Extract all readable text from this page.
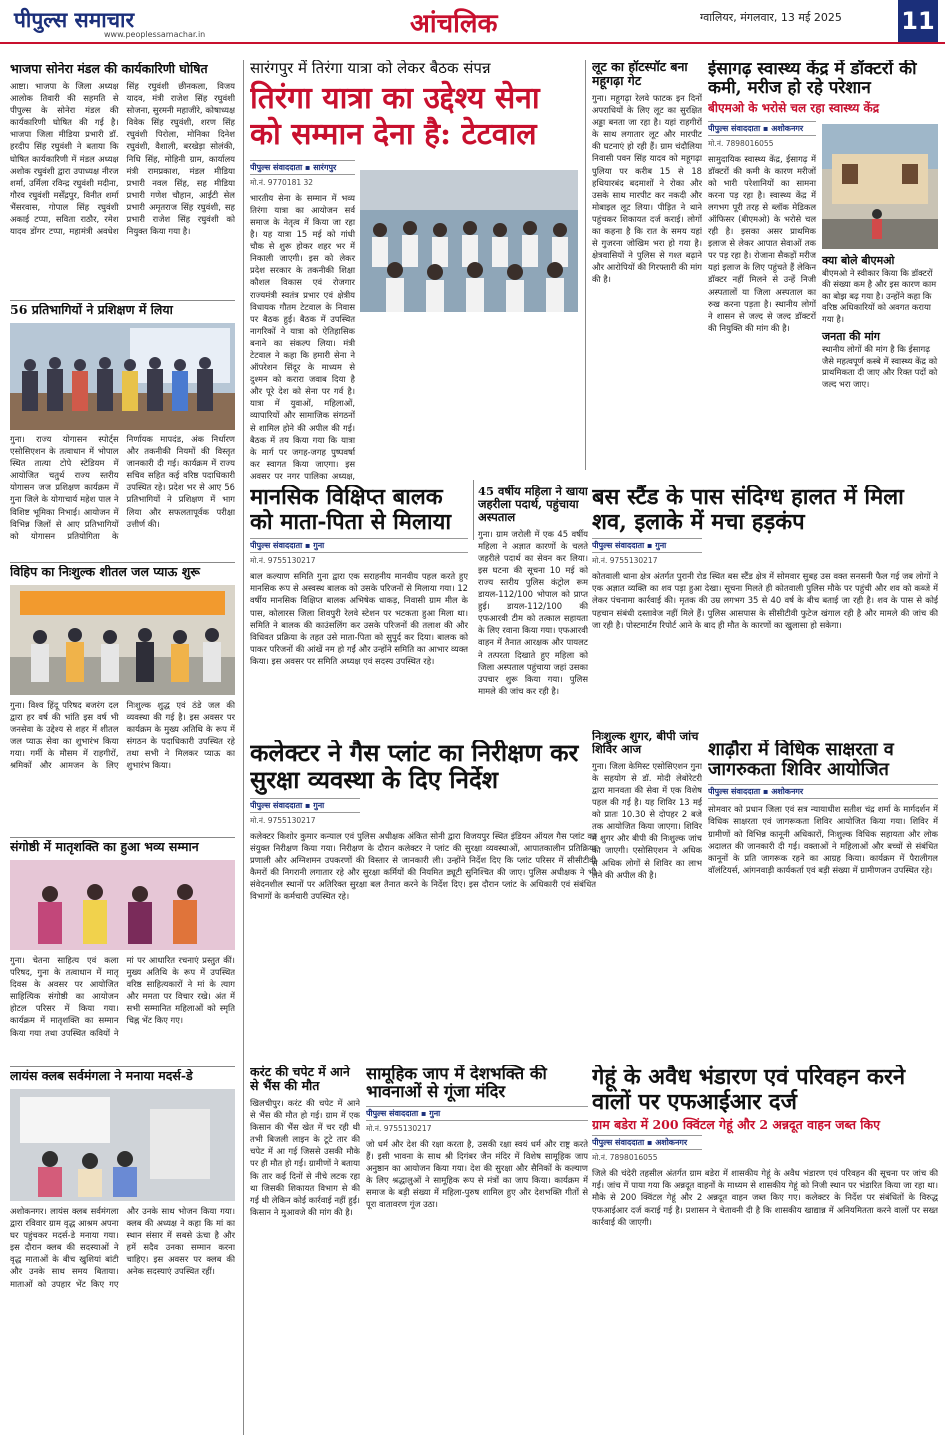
पीपुल्स समाचार
www.peoplessamachar.in	आंचलिक	ग्वालियर, मंगलवार, 13 मई 2025 11
भाजपा सोनेरा मंडल की कार्यकारिणी घोषित
आष्टा। भाजपा के जिला अध्यक्ष आलोक तिवारी की सहमति से पीपुल्स के सोनेरा मंडल की कार्यकारिणी घोषित की गई है। भाजपा जिला मीडिया प्रभारी डॉ. हरदीप सिंह रघुवंशी ने बताया कि घोषित कार्यकारिणी में मंडल अध्यक्ष अशोक रघुवंशी द्वारा उपाध्यक्ष नीरज शर्मा, उर्मिला रविन्द्र रघुवंशी मदीना, गौरव रघुवंशी मर्सेंद्रपुर, विनीत शर्मा भैंसरवास, गोपाल सिंह रघुवंशी अकाई टप्पा, सविता राठौर, रमेश यादव डोंगर टप्पा, महामंत्री अवधेश सिंह रघुवंशी छीनकला, विजय यादव, मंत्री राजेश सिंह रघुवंशी सोजना, सुरमनी महाजीरे, कोषाध्यक्ष विवेक सिंह रघुवंशी, शरण सिंह रघुवंशी पिरोला, मोनिका दिनेश रघुवंशी, वैशाली, बरखेड़ा सोलंकी, निधि सिंह, मोहिनी ग्राम, कार्यालय मंत्री रामप्रकाश, मंडल मीडिया प्रभारी नवल सिंह, सह मीडिया प्रभारी गणेश चौहान, आईटी सेल प्रभारी अमृतराज सिंह रघुवंशी, सह प्रभारी राजेश सिंह रघुवंशी को नियुक्त किया गया है।
56 प्रतिभागियों ने प्रशिक्षण में लिया
गुना। राज्य योगासन स्पोर्ट्स एसोसिएशन के तत्वाधान में भोपाल स्थित तात्या टोपे स्टेडियम में आयोजित चतुर्थ राज्य स्तरीय योगासन जज प्रशिक्षण कार्यक्रम में गुना जिले के योगाचार्य महेश पाल ने विशिष्ट भूमिका निभाई। आयोजन में विभिन्न जिलों से आए प्रतिभागियों को योगासन प्रतियोगिता के निर्णायक मापदंड, अंक निर्धारण और तकनीकी नियमों की विस्तृत जानकारी दी गई। कार्यक्रम में राज्य सचिव सहित कई वरिष्ठ पदाधिकारी उपस्थित रहे। प्रदेश भर से आए 56 प्रतिभागियों ने प्रशिक्षण में भाग लिया और सफलतापूर्वक परीक्षा उत्तीर्ण की।
विहिप का निःशुल्क शीतल जल प्याऊ शुरू
गुना। विश्व हिंदू परिषद बजरंग दल द्वारा हर वर्ष की भांति इस वर्ष भी जनसेवा के उद्देश्य से शहर में शीतल जल प्याऊ सेवा का शुभारंभ किया गया। गर्मी के मौसम में राहगीरों, श्रमिकों और आमजन के लिए निःशुल्क शुद्ध एवं ठंडे जल की व्यवस्था की गई है। इस अवसर पर कार्यक्रम के मुख्य अतिथि के रूप में संगठन के पदाधिकारी उपस्थित रहे तथा सभी ने मिलकर प्याऊ का शुभारंभ किया।
संगोष्ठी में मातृशक्ति का हुआ भव्य सम्मान
गुना। चेतना साहित्य एवं कला परिषद, गुना के तत्वाधान में मातृ दिवस के अवसर पर आयोजित साहित्यिक संगोष्ठी का आयोजन होटल परिसर में किया गया। कार्यक्रम में मातृशक्ति का सम्मान किया गया तथा उपस्थित कवियों ने मां पर आधारित रचनाएं प्रस्तुत कीं। मुख्य अतिथि के रूप में उपस्थित वरिष्ठ साहित्यकारों ने मां के त्याग और ममता पर विचार रखे। अंत में सभी सम्मानित महिलाओं को स्मृति चिह्न भेंट किए गए।
लायंस क्लब सर्वमंगला ने मनाया मदर्स-डे
अशोकनगर। लायंस क्लब सर्वमंगला द्वारा रविवार ग्राम वृद्ध आश्रम अपना घर पहुंचकर मदर्स-डे मनाया गया। इस दौरान क्लब की सदस्याओं ने वृद्ध माताओं के बीच खुशियां बांटी और उनके साथ समय बिताया। माताओं को उपहार भेंट किए गए और उनके साथ भोजन किया गया। क्लब की अध्यक्ष ने कहा कि मां का स्थान संसार में सबसे ऊंचा है और हमें सदैव उनका सम्मान करना चाहिए। इस अवसर पर क्लब की अनेक सदस्याएं उपस्थित रहीं।
सारंगपुर में तिरंगा यात्रा को लेकर बैठक संपन्न
तिरंगा यात्रा का उद्देश्य सेना को सम्मान देना है: टेटवाल
पीपुल्स संवाददाता ▪ सारंगपुर
मो.नं. 9770181 32
भारतीय सेना के सम्मान में भव्य तिरंगा यात्रा का आयोजन सर्व समाज के नेतृत्व में किया जा रहा है। यह यात्रा 15 मई को गांधी चौक से शुरू होकर शहर भर में निकाली जाएगी। इस को लेकर प्रदेश सरकार के तकनीकी शिक्षा कौशल विकास एवं रोजगार राज्यमंत्री स्वतंत्र प्रभार एवं क्षेत्रीय विधायक गौतम टेटवाल के निवास पर बैठक हुई। बैठक में उपस्थित नागरिकों ने यात्रा को ऐतिहासिक बनाने का संकल्प लिया। मंत्री टेटवाल ने कहा कि हमारी सेना ने ऑपरेशन सिंदूर के माध्यम से दुश्मन को करारा जवाब दिया है और पूरे देश को सेना पर गर्व है। यात्रा में युवाओं, महिलाओं, व्यापारियों और सामाजिक संगठनों से शामिल होने की अपील की गई। बैठक में तय किया गया कि यात्रा के मार्ग पर जगह-जगह पुष्पवर्षा कर स्वागत किया जाएगा। इस अवसर पर नगर पालिका अध्यक्ष,
लूट का हॉटस्पॉट बना महूगढ़ा गेट
गुना। महूगढ़ा रेलवे फाटक इन दिनों अपराधियों के लिए लूट का सुरक्षित अड्डा बनता जा रहा है। यहां राहगीरों के साथ लगातार लूट और मारपीट की घटनाएं हो रही हैं। ग्राम चंदौलिया निवासी पवन सिंह यादव को महूगढ़ा पुलिया पर करीब 15 से 18 हथियारबंद बदमाशों ने रोका और उसके साथ मारपीट कर नकदी और मोबाइल लूट लिया। पीड़ित ने थाने पहुंचकर शिकायत दर्ज कराई। लोगों का कहना है कि रात के समय यहां से गुजरना जोखिम भरा हो गया है। क्षेत्रवासियों ने पुलिस से गश्त बढ़ाने और आरोपियों की गिरफ्तारी की मांग की है।
ईसागढ़ स्वास्थ्य केंद्र में डॉक्टरों की कमी, मरीज हो रहे परेशान
बीएमओ के भरोसे चल रहा स्वास्थ्य केंद्र
पीपुल्स संवाददाता ▪ अशोकनगर
मो.नं. 7898016055
सामुदायिक स्वास्थ्य केंद्र, ईसागढ़ में डॉक्टरों की कमी के कारण मरीजों को भारी परेशानियों का सामना करना पड़ रहा है। स्वास्थ्य केंद्र में लगभग पूरी तरह से ब्लॉक मेडिकल ऑफिसर (बीएमओ) के भरोसे चल रही है। इसका असर प्राथमिक इलाज से लेकर आपात सेवाओं तक पर पड़ रहा है। रोजाना सैकड़ों मरीज यहां इलाज के लिए पहुंचते हैं लेकिन डॉक्टर नहीं मिलने से उन्हें निजी अस्पतालों या जिला अस्पताल का रुख करना पड़ता है। स्थानीय लोगों ने शासन से जल्द से जल्द डॉक्टरों की नियुक्ति की मांग की है।
क्या बोले बीएमओ
बीएमओ ने स्वीकार किया कि डॉक्टरों की संख्या कम है और इस कारण काम का बोझ बढ़ गया है। उन्होंने कहा कि वरिष्ठ अधिकारियों को अवगत कराया गया है।
जनता की मांग
स्थानीय लोगों की मांग है कि ईसागढ़ जैसे महत्वपूर्ण कस्बे में स्वास्थ्य केंद्र को प्राथमिकता दी जाए और रिक्त पदों को जल्द भरा जाए।
मानसिक विक्षिप्त बालक को माता-पिता से मिलाया
पीपुल्स संवाददाता ▪ गुना
मो.नं. 9755130217
बाल कल्याण समिति गुना द्वारा एक सराहनीय मानवीय पहल करते हुए मानसिक रूप से अस्वस्थ बालक को उसके परिजनों से मिलाया गया। 12 वर्षीय मानसिक विक्षिप्त बालक अभिषेक धाकड़, निवासी ग्राम मील के पास, कोलारस जिला शिवपुरी रेलवे स्टेशन पर भटकता हुआ मिला था। समिति ने बालक की काउंसलिंग कर उसके परिजनों की तलाश की और विधिवत प्रक्रिया के तहत उसे माता-पिता को सुपुर्द कर दिया। बालक को पाकर परिजनों की आंखें नम हो गईं और उन्होंने समिति का आभार व्यक्त किया। इस अवसर पर समिति अध्यक्ष एवं सदस्य उपस्थित रहे।
45 वर्षीय महिला ने खाया जहरीला पदार्थ, पहुंचाया अस्पताल
गुना। ग्राम जरोली में एक 45 वर्षीय महिला ने अज्ञात कारणों के चलते जहरीले पदार्थ का सेवन कर लिया। इस घटना की सूचना 10 मई को राज्य स्तरीय पुलिस कंट्रोल रूम डायल-112/100 भोपाल को प्राप्त हुई। डायल-112/100 की एफआरवी टीम को तत्काल सहायता के लिए रवाना किया गया। एफआरवी वाहन में तैनात आरक्षक और पायलट ने तत्परता दिखाते हुए महिला को जिला अस्पताल पहुंचाया जहां उसका उपचार शुरू किया गया। पुलिस मामले की जांच कर रही है।
बस स्टैंड के पास संदिग्ध हालत में मिला शव, इलाके में मचा हड़कंप
पीपुल्स संवाददाता ▪ गुना
मो.नं. 9755130217
कोतवाली थाना क्षेत्र अंतर्गत पुरानी रोड स्थित बस स्टैंड क्षेत्र में सोमवार सुबह उस वक्त सनसनी फैल गई जब लोगों ने एक अज्ञात व्यक्ति का शव पड़ा हुआ देखा। सूचना मिलते ही कोतवाली पुलिस मौके पर पहुंची और शव को कब्जे में लेकर पंचनामा कार्रवाई की। मृतक की उम्र लगभग 35 से 40 वर्ष के बीच बताई जा रही है। शव के पास से कोई पहचान संबंधी दस्तावेज नहीं मिले हैं। पुलिस आसपास के सीसीटीवी फुटेज खंगाल रही है और मामले की जांच की जा रही है। पोस्टमार्टम रिपोर्ट आने के बाद ही मौत के कारणों का खुलासा हो सकेगा।
कलेक्टर ने गैस प्लांट का निरीक्षण कर सुरक्षा व्यवस्था के दिए निर्देश
पीपुल्स संवाददाता ▪ गुना
मो.नं. 9755130217
कलेक्टर किशोर कुमार कन्याल एवं पुलिस अधीक्षक अंकित सोनी द्वारा विजयपुर स्थित इंडियन ऑयल गैस प्लांट का संयुक्त निरीक्षण किया गया। निरीक्षण के दौरान कलेक्टर ने प्लांट की सुरक्षा व्यवस्थाओं, आपातकालीन प्रतिक्रिया प्रणाली और अग्निशमन उपकरणों की विस्तार से जानकारी ली। उन्होंने निर्देश दिए कि प्लांट परिसर में सीसीटीवी कैमरों की निगरानी लगातार रहे और सुरक्षा कर्मियों की नियमित ड्यूटी सुनिश्चित की जाए। पुलिस अधीक्षक ने भी संवेदनशील स्थानों पर अतिरिक्त सुरक्षा बल तैनात करने के निर्देश दिए। इस दौरान प्लांट के अधिकारी एवं संबंधित विभागों के कर्मचारी उपस्थित रहे।
निःशुल्क शुगर, बीपी जांच शिविर आज
गुना। जिला केमिस्ट एसोसिएशन गुना के सहयोग से डॉ. मोदी लेबोरेटरी द्वारा मानवता की सेवा में एक विशेष पहल की गई है। यह शिविर 13 मई को प्रातः 10.30 से दोपहर 2 बजे तक आयोजित किया जाएगा। शिविर में शुगर और बीपी की निःशुल्क जांच की जाएगी। एसोसिएशन ने अधिक से अधिक लोगों से शिविर का लाभ लेने की अपील की है।
शाढ़ौरा में विधिक साक्षरता व जागरुकता शिविर आयोजित
पीपुल्स संवाददाता ▪ अशोकनगर
सोमवार को प्रधान जिला एवं सत्र न्यायाधीश सतीश चंद्र शर्मा के मार्गदर्शन में विधिक साक्षरता एवं जागरूकता शिविर आयोजित किया गया। शिविर में ग्रामीणों को विभिन्न कानूनी अधिकारों, निःशुल्क विधिक सहायता और लोक अदालत की जानकारी दी गई। वक्ताओं ने महिलाओं और बच्चों से संबंधित कानूनों के प्रति जागरूक रहने का आग्रह किया। कार्यक्रम में पैरालीगल वॉलंटियर्स, आंगनवाड़ी कार्यकर्ता एवं बड़ी संख्या में ग्रामीणजन उपस्थित रहे।
करंट की चपेट में आने से भैंस की मौत
खिलचीपुर। करंट की चपेट में आने से भैंस की मौत हो गई। ग्राम में एक किसान की भैंस खेत में चर रही थी तभी बिजली लाइन के टूटे तार की चपेट में आ गई जिससे उसकी मौके पर ही मौत हो गई। ग्रामीणों ने बताया कि तार कई दिनों से नीचे लटक रहा था जिसकी शिकायत विभाग से की गई थी लेकिन कोई कार्रवाई नहीं हुई। किसान ने मुआवजे की मांग की है।
सामूहिक जाप में देशभक्ति की भावनाओं से गूंजा मंदिर
पीपुल्स संवाददाता ▪ गुना
मो.नं. 9755130217
जो धर्म और देश की रक्षा करता है, उसकी रक्षा स्वयं धर्म और राष्ट्र करते हैं। इसी भावना के साथ श्री दिगंबर जैन मंदिर में विशेष सामूहिक जाप अनुष्ठान का आयोजन किया गया। देश की सुरक्षा और सैनिकों के कल्याण के लिए श्रद्धालुओं ने सामूहिक रूप से मंत्रों का जाप किया। कार्यक्रम में समाज के बड़ी संख्या में महिला-पुरुष शामिल हुए और देशभक्ति गीतों से पूरा वातावरण गूंज उठा।
गेहूं के अवैध भंडारण एवं परिवहन करने वालों पर एफआईआर दर्ज
ग्राम बडेरा में 200 क्विंटल गेहूं और 2 अन्नदूत वाहन जब्त किए
पीपुल्स संवाददाता ▪ अशोकनगर
मो.नं. 7898016055
जिले की चंदेरी तहसील अंतर्गत ग्राम बडेरा में शासकीय गेहूं के अवैध भंडारण एवं परिवहन की सूचना पर जांच की गई। जांच में पाया गया कि अन्नदूत वाहनों के माध्यम से शासकीय गेहूं को निजी स्थान पर भंडारित किया जा रहा था। मौके से 200 क्विंटल गेहूं और 2 अन्नदूत वाहन जब्त किए गए। कलेक्टर के निर्देश पर संबंधितों के विरुद्ध एफआईआर दर्ज कराई गई है। प्रशासन ने चेतावनी दी है कि शासकीय खाद्यान्न में अनियमितता करने वालों पर सख्त कार्रवाई की जाएगी।
